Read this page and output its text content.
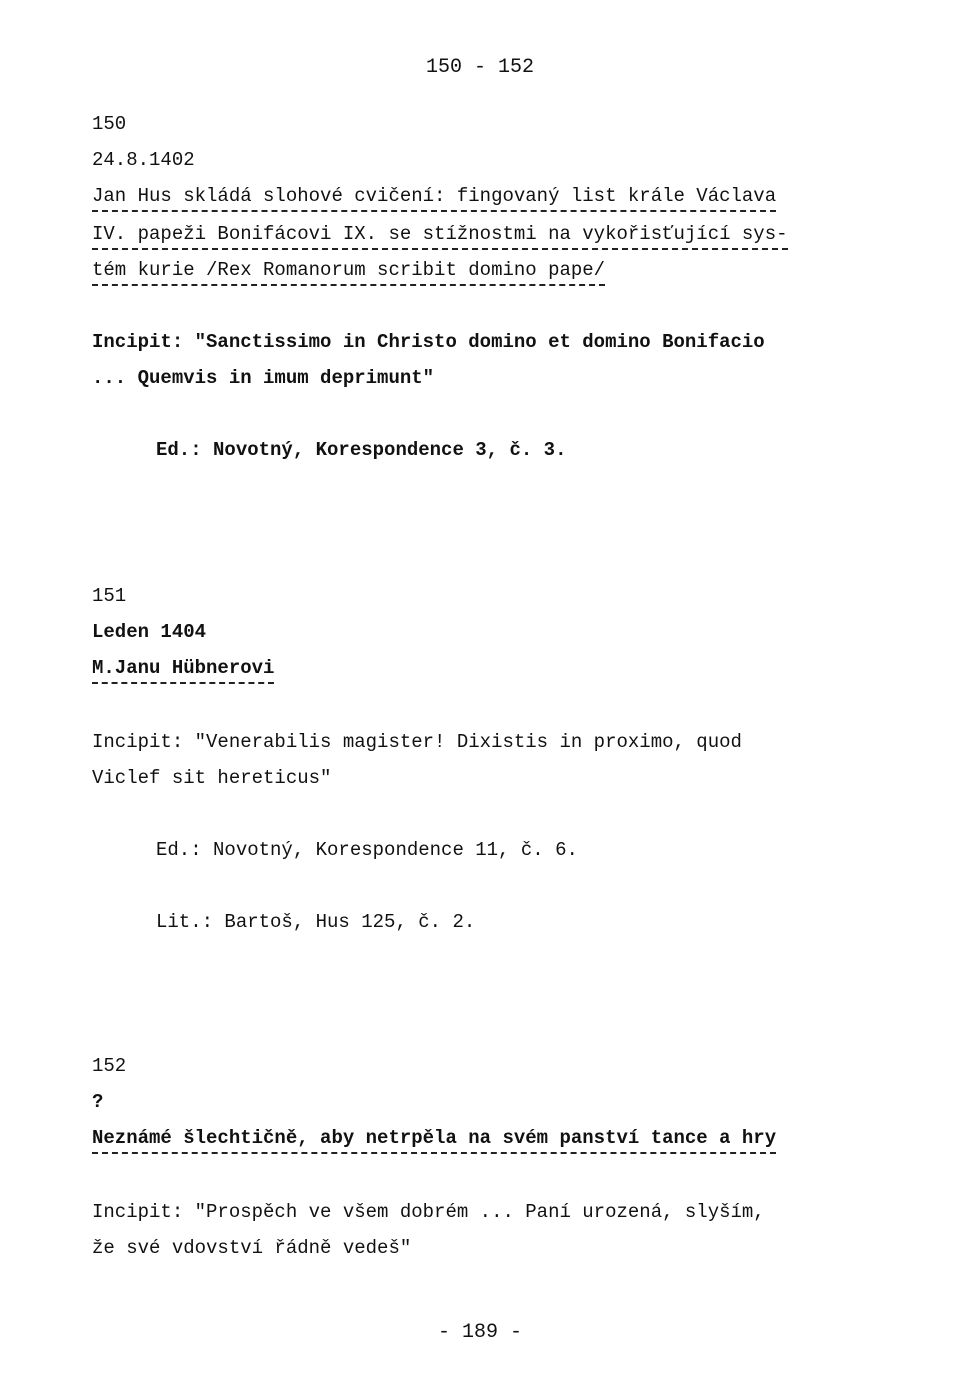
150 - 152
150
24.8.1402
Jan Hus skládá slohové cvičení: fingovaný list krále Václava
IV. papeži Bonifácovi IX. se stížnostmi na vykořisťující sys-
tém kurie /Rex Romanorum scribit domino pape/
Incipit: "Sanctissimo in Christo domino et domino Bonifacio
... Quemvis in imum deprimunt"
Ed.: Novotný, Korespondence 3, č. 3.
151
Leden 1404
M.Janu Hübnerovi
Incipit: "Venerabilis magister! Dixistis in proximo, quod
Viclef sit hereticus"
Ed.: Novotný, Korespondence 11, č. 6.
Lit.: Bartoš, Hus 125, č. 2.
152
?
Neznámé šlechtičně, aby netrpěla na svém panství tance a hry
Incipit: "Prospěch ve všem dobrém ... Paní urozená, slyším,
že své vdovství řádně vedeš"
- 189 -
